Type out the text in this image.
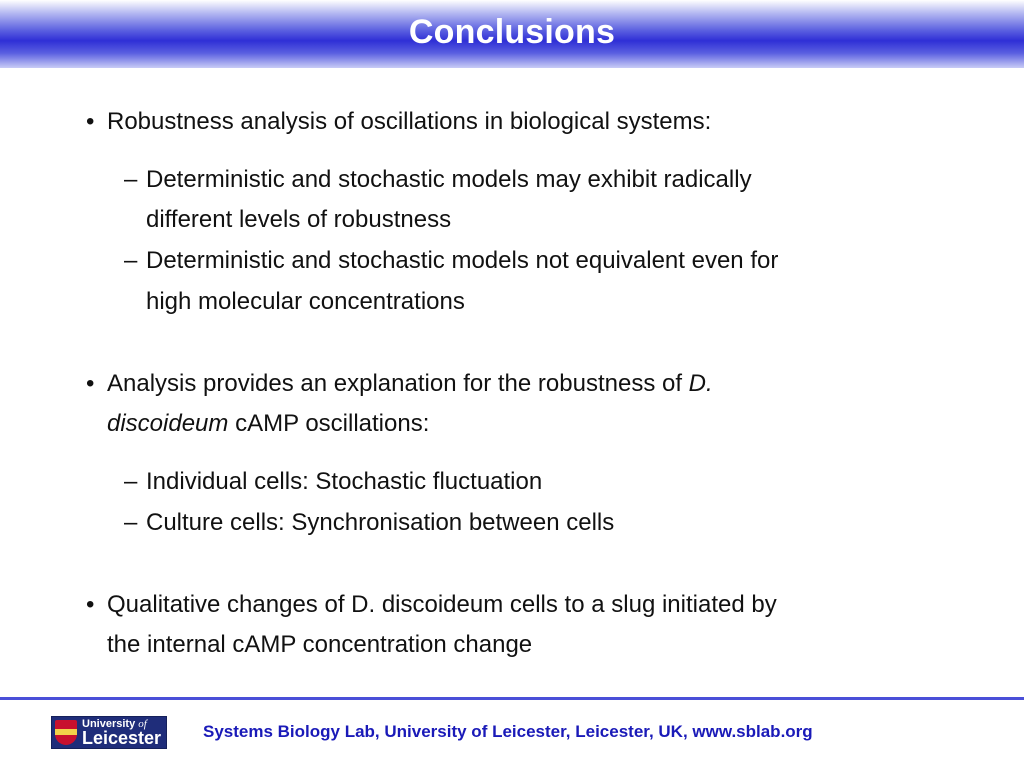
Conclusions
• Robustness analysis of oscillations in biological systems:
– Deterministic and stochastic models may exhibit radically
different levels of robustness
– Deterministic and stochastic models not equivalent even for
high molecular concentrations
• Analysis provides an explanation for the robustness of D.
discoideum cAMP oscillations:
– Individual cells: Stochastic fluctuation
– Culture cells: Synchronisation between cells
• Qualitative changes of D. discoideum cells to a slug initiated by
the internal cAMP concentration change
University of
Leicester Systems Biology Lab, University of Leicester, Leicester, UK, www.sblab.org
